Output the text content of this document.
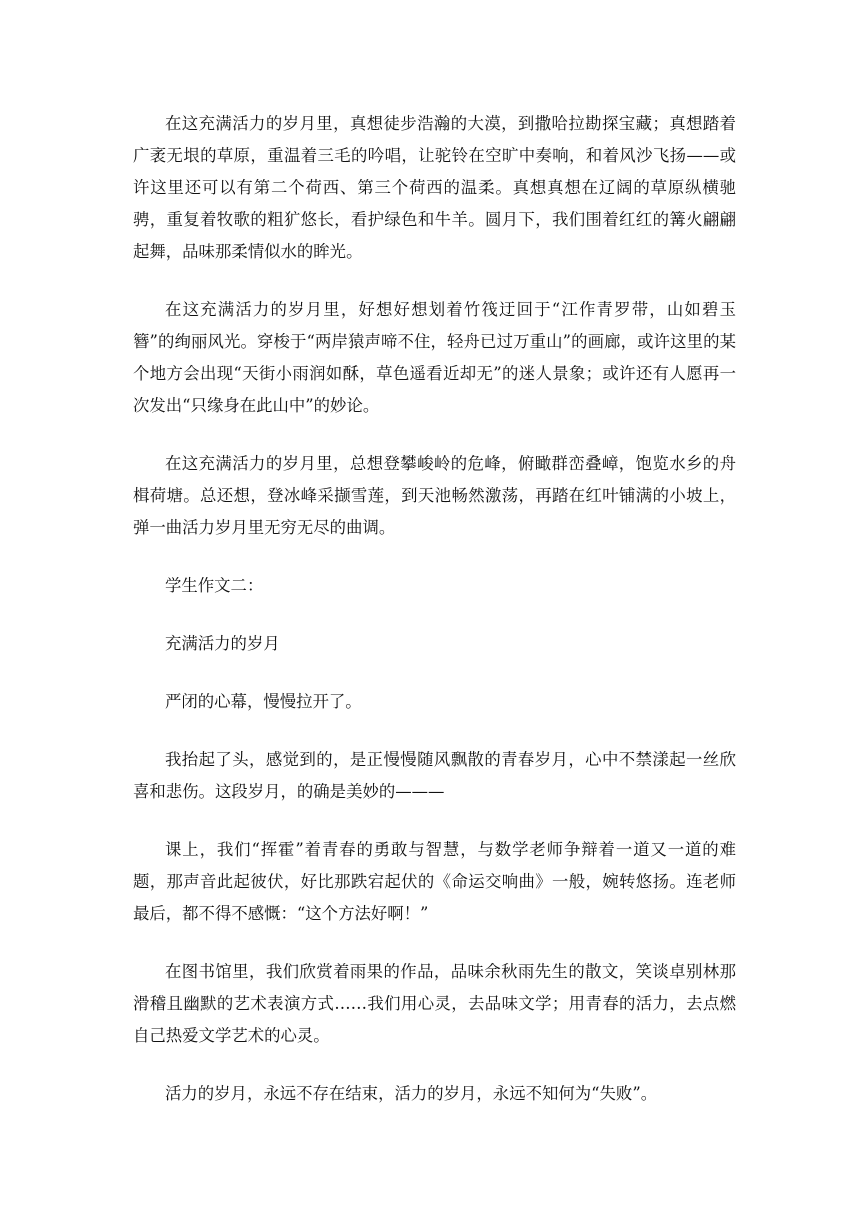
在这充满活力的岁月里，真想徒步浩瀚的大漠，到撒哈拉勘探宝藏；真想踏着广袤无垠的草原，重温着三毛的吟唱，让驼铃在空旷中奏响，和着风沙飞扬——或许这里还可以有第二个荷西、第三个荷西的温柔。真想真想在辽阔的草原纵横驰骋，重复着牧歌的粗犷悠长，看护绿色和牛羊。圆月下，我们围着红红的篝火翩翩起舞，品味那柔情似水的眸光。

在这充满活力的岁月里，好想好想划着竹筏迂回于“江作青罗带，山如碧玉簪”的绚丽风光。穿梭于“两岸猿声啼不住，轻舟已过万重山”的画廊，或许这里的某个地方会出现“天街小雨润如酥，草色遥看近却无”的迷人景象；或许还有人愿再一次发出“只缘身在此山中”的妙论。

在这充满活力的岁月里，总想登攀峻岭的危峰，俯瞰群峦叠嶂，饱览水乡的舟楫荷塘。总还想，登冰峰采撷雪莲，到天池畅然激荡，再踏在红叶铺满的小坡上，弹一曲活力岁月里无穷无尽的曲调。

学生作文二：

充满活力的岁月

严闭的心幕，慢慢拉开了。

我抬起了头，感觉到的，是正慢慢随风飘散的青春岁月，心中不禁漾起一丝欣喜和悲伤。这段岁月，的确是美妙的———

课上，我们“挥霍”着青春的勇敢与智慧，与数学老师争辩着一道又一道的难题，那声音此起彼伏，好比那跌宕起伏的《命运交响曲》一般，婉转悠扬。连老师最后，都不得不感慨：“这个方法好啊！”

在图书馆里，我们欣赏着雨果的作品，品味余秋雨先生的散文，笑谈卓别林那滑稽且幽默的艺术表演方式……我们用心灵，去品味文学；用青春的活力，去点燃自己热爱文学艺术的心灵。

活力的岁月，永远不存在结束，活力的岁月，永远不知何为“失败”。
